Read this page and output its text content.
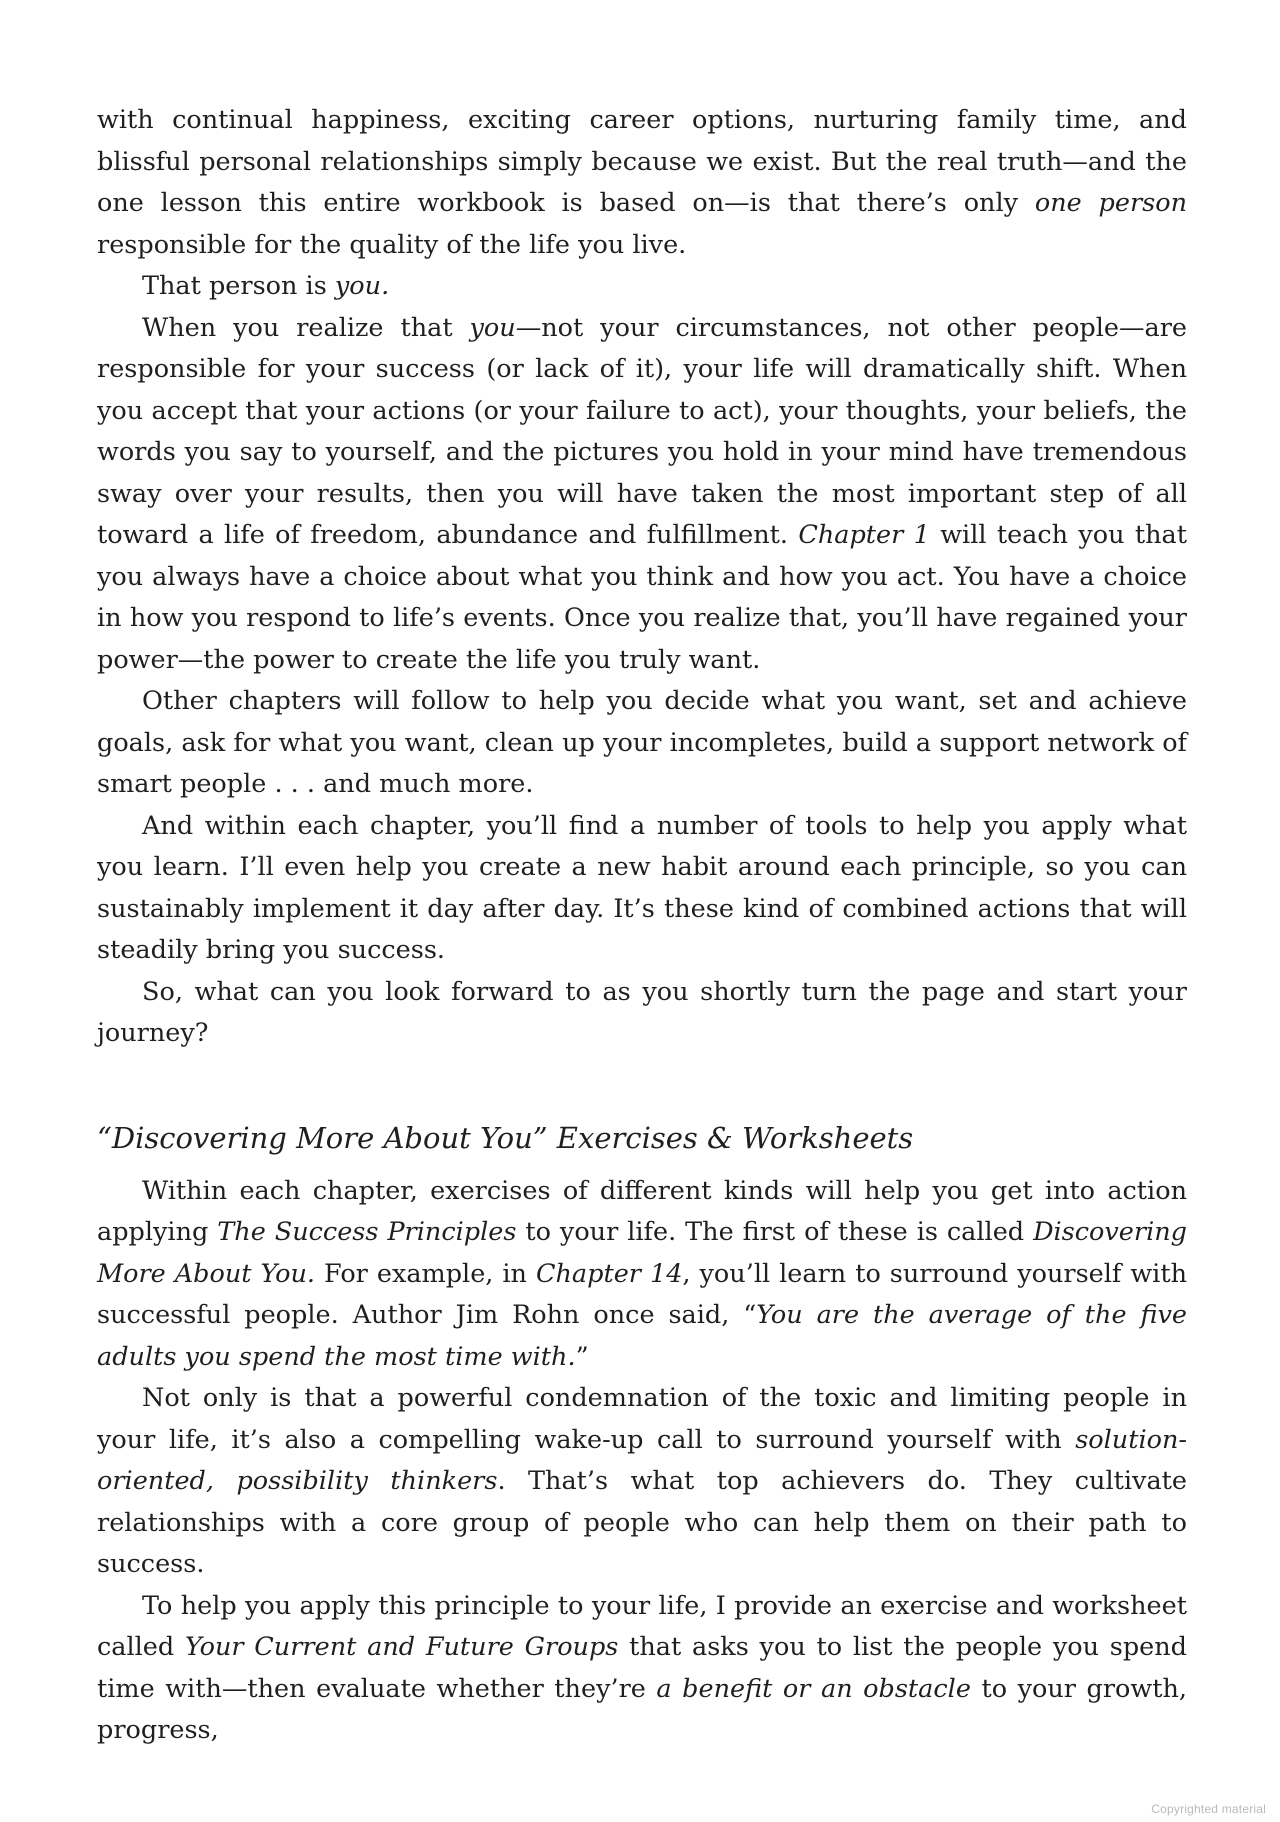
with continual happiness, exciting career options, nurturing family time, and blissful personal relationships simply because we exist. But the real truth—and the one lesson this entire workbook is based on—is that there’s only one person responsible for the quality of the life you live.

That person is you.

When you realize that you—not your circumstances, not other people—are responsible for your success (or lack of it), your life will dramatically shift. When you accept that your actions (or your failure to act), your thoughts, your beliefs, the words you say to yourself, and the pictures you hold in your mind have tremendous sway over your results, then you will have taken the most important step of all toward a life of freedom, abundance and fulfillment. Chapter 1 will teach you that you always have a choice about what you think and how you act. You have a choice in how you respond to life’s events. Once you realize that, you’ll have regained your power—the power to create the life you truly want.

Other chapters will follow to help you decide what you want, set and achieve goals, ask for what you want, clean up your incompletes, build a support network of smart people . . . and much more.

And within each chapter, you’ll find a number of tools to help you apply what you learn. I’ll even help you create a new habit around each principle, so you can sustainably implement it day after day. It’s these kind of combined actions that will steadily bring you success.

So, what can you look forward to as you shortly turn the page and start your journey?

“Discovering More About You” Exercises & Worksheets

Within each chapter, exercises of different kinds will help you get into action applying The Success Principles to your life. The first of these is called Discovering More About You. For example, in Chapter 14, you’ll learn to surround yourself with successful people. Author Jim Rohn once said, “You are the average of the five adults you spend the most time with.”

Not only is that a powerful condemnation of the toxic and limiting people in your life, it’s also a compelling wake-up call to surround yourself with solution-oriented, possibility thinkers. That’s what top achievers do. They cultivate relationships with a core group of people who can help them on their path to success.

To help you apply this principle to your life, I provide an exercise and worksheet called Your Current and Future Groups that asks you to list the people you spend time with—then evaluate whether they’re a benefit or an obstacle to your growth, progress,

Copyrighted material
